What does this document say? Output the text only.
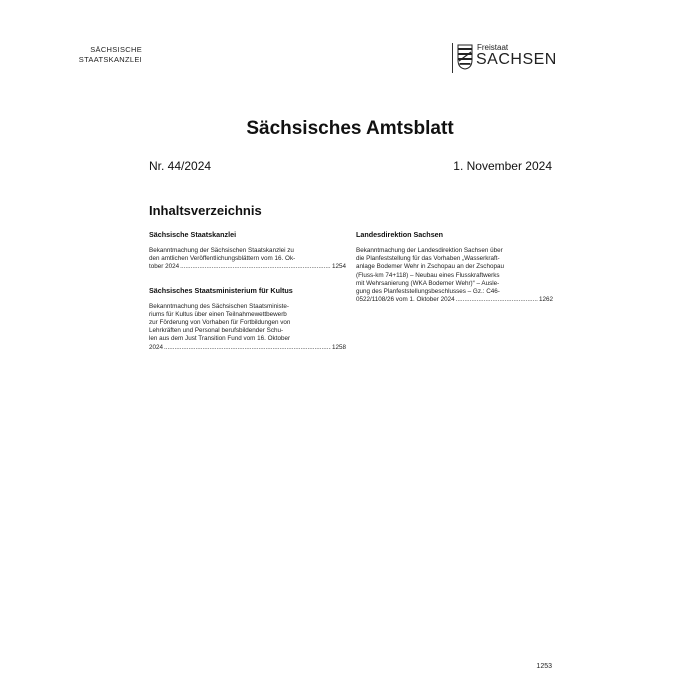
SÄCHSISCHE
STAATSKANZLEI
Freistaat
SACHSEN
Sächsisches Amtsblatt
Nr. 44/2024	1. November 2024
Inhaltsverzeichnis
Sächsische Staatskanzlei
Bekanntmachung der Sächsischen Staatskanzlei zu
den amtlichen Veröffentlichungsblättern vom 16. Ok-
tober 2024 .....	1254
Sächsisches Staatsministerium für Kultus
Bekanntmachung des Sächsischen Staatsministe-
riums für Kultus über einen Teilnahmewettbewerb
zur Förderung von Vorhaben für Fortbildungen von
Lehrkräften und Personal berufsbildender Schu-
len aus dem Just Transition Fund vom 16. Oktober
2024 .....	1258
Landesdirektion Sachsen
Bekanntmachung der Landesdirektion Sachsen über
die Planfeststellung für das Vorhaben „Wasserkraft-
anlage Bodemer Wehr in Zschopau an der Zschopau
(Fluss-km 74+118) – Neubau eines Flusskraftwerks
mit Wehrsanierung (WKA Bodemer Wehr)“ – Ausle-
gung des Planfeststellungsbeschlusses – Gz.: C46-
0522/1108/26 vom 1. Oktober 2024 .....	1262
1253
